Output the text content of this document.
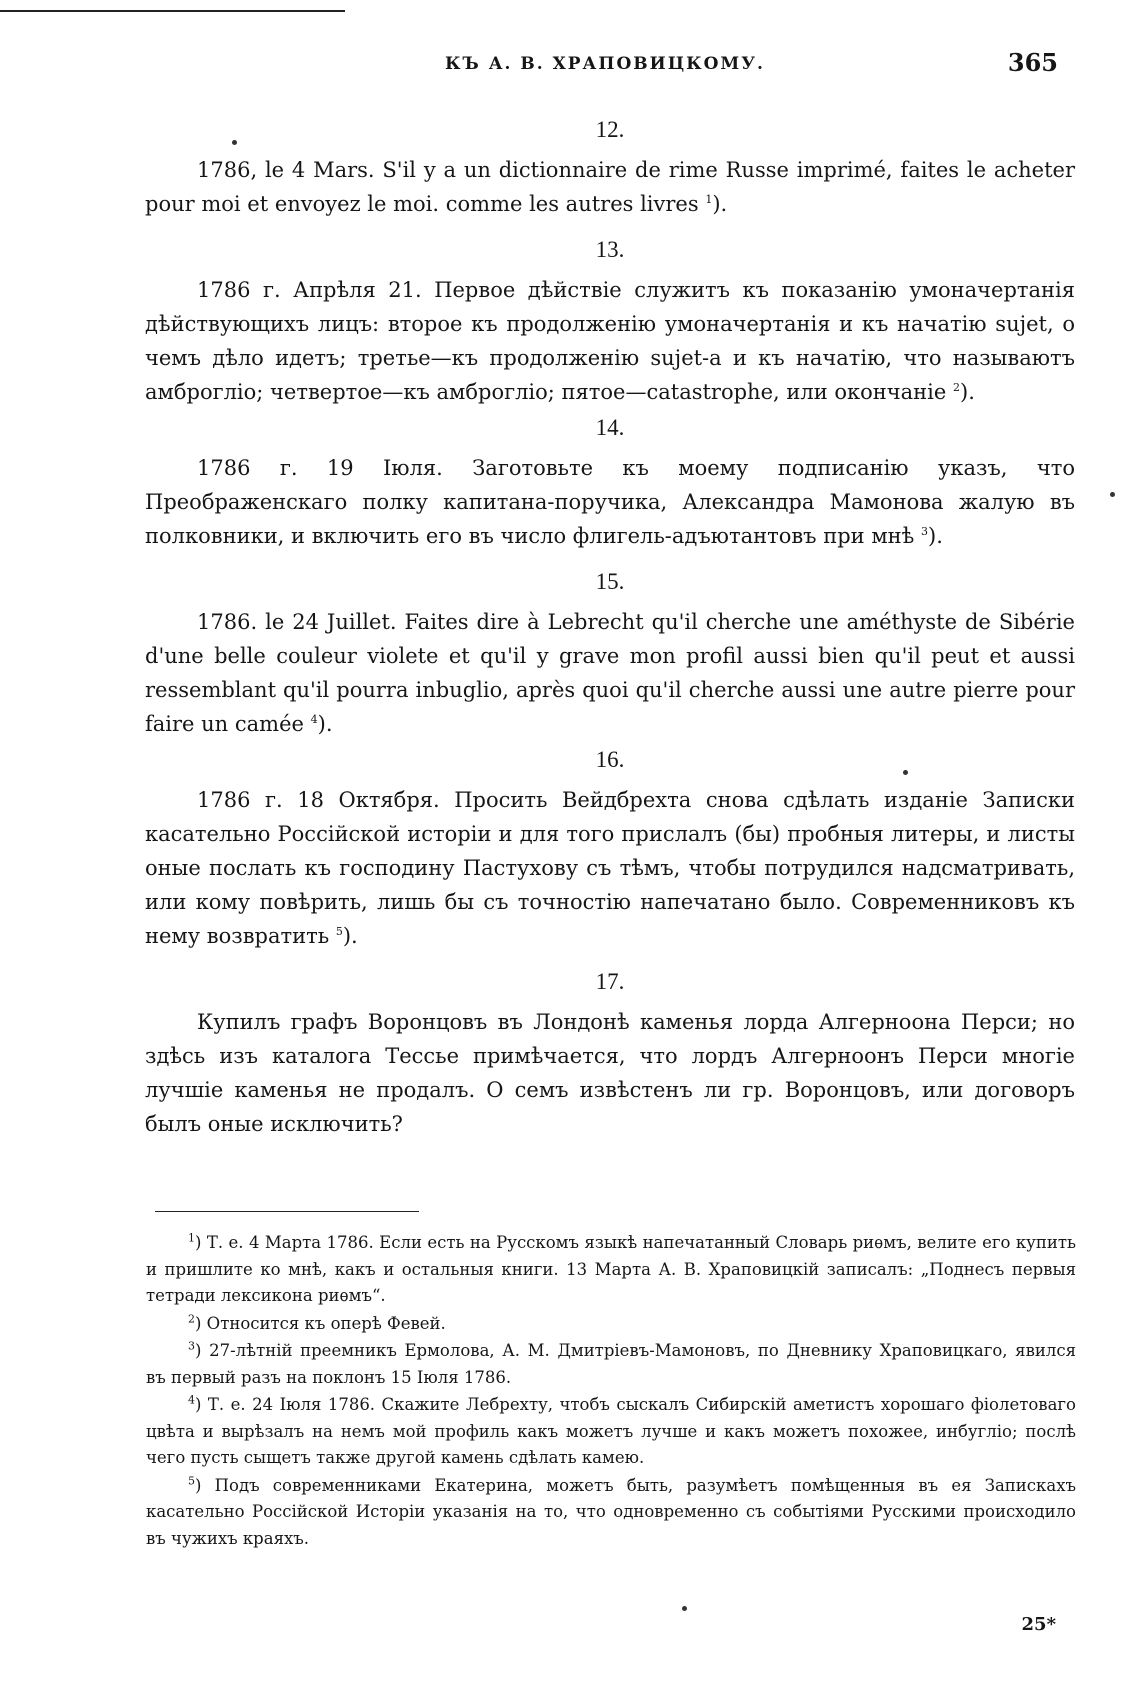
КЪ А. В. ХРАПОВИЦКОМУ.	365
12.

1786, le 4 Mars. S'il y a un dictionnaire de rime Russe imprimé, faites le acheter pour moi et envoyez le moi. comme les autres livres $^1$).

13.

1786 г. Апрѣля 21. Первое дѣйствіе служитъ къ показанію умоначертанія дѣйствующихъ лицъ: второе къ продолженію умоначертанія и къ начатію sujet, о чемъ дѣло идетъ; третье—къ продолженію sujet-а и къ начатію, что называютъ амброглio; четвертое—къ амброглio; пятое—catastrophe, или окончаніе $^2$).

14.

1786 г. 19 Іюля. Заготовьте къ моему подписанію указъ, что Преображенскаго полку капитана-поручика, Александра Мамонова жалую въ полковники, и включить его въ число флигель-адъютантовъ при мнѣ $^3$).

15.

1786. le 24 Juillet. Faites dire à Lebrecht qu'il cherche une améthyste de Sibérie d'une belle couleur violete et qu'il y grave mon profil aussi bien qu'il peut et aussi ressemblant qu'il pourra inbuglio, après quoi qu'il cherche aussi une autre pierre pour faire un camée $^4$).

16.

1786 г. 18 Октября. Просить Вейдбрехта снова сдѣлать изданіе Записки касательно Россійской исторіи и для того прислалъ (бы) пробныя литеры, и листы оные послать къ господину Пастухову съ тѣмъ, чтобы потрудился надсматривать, или кому повѣрить, лишь бы съ точностію напечатано было. Современниковъ къ нему возвратить $^5$).

17.

Купилъ графъ Воронцовъ въ Лондонѣ каменья лорда Алгерноона Перси; но здѣсь изъ каталога Тессье примѣчается, что лордъ Алгерноонъ Перси многіе лучшіе каменья не продалъ. О семъ извѣстенъ ли гр. Воронцовъ, или договоръ былъ оные исключить?

$^1$) Т. е. 4 Марта 1786. Если есть на Русскомъ языкѣ напечатанный Словарь риѳмъ, велите его купить и пришлите ко мнѣ, какъ и остальныя книги. 13 Марта А. В. Храповицкій записалъ: „Поднесъ первыя тетради лексикона риѳмъ“.

$^2$) Относится къ оперѣ Февей.

$^3$) 27-лѣтній преемникъ Ермолова, А. М. Дмитріевъ-Мамоновъ, по Дневнику Храповицкаго, явился въ первый разъ на поклонъ 15 Іюля 1786.

$^4$) Т. е. 24 Іюля 1786. Скажите Лебрехту, чтобъ сыскалъ Сибирскій аметистъ хорошаго фіолетоваго цвѣта и вырѣзалъ на немъ мой профиль какъ можетъ лучше и какъ можетъ похожее, инбугліо; послѣ чего пусть сыщетъ также другой камень сдѣлать камею.

$^5$) Подъ современниками Екатерина, можетъ быть, разумѣетъ помѣщенныя въ ея Запискахъ касательно Россійской Исторіи указанія на то, что одновременно съ событіями Русскими происходило въ чужихъ краяхъ.

25*
